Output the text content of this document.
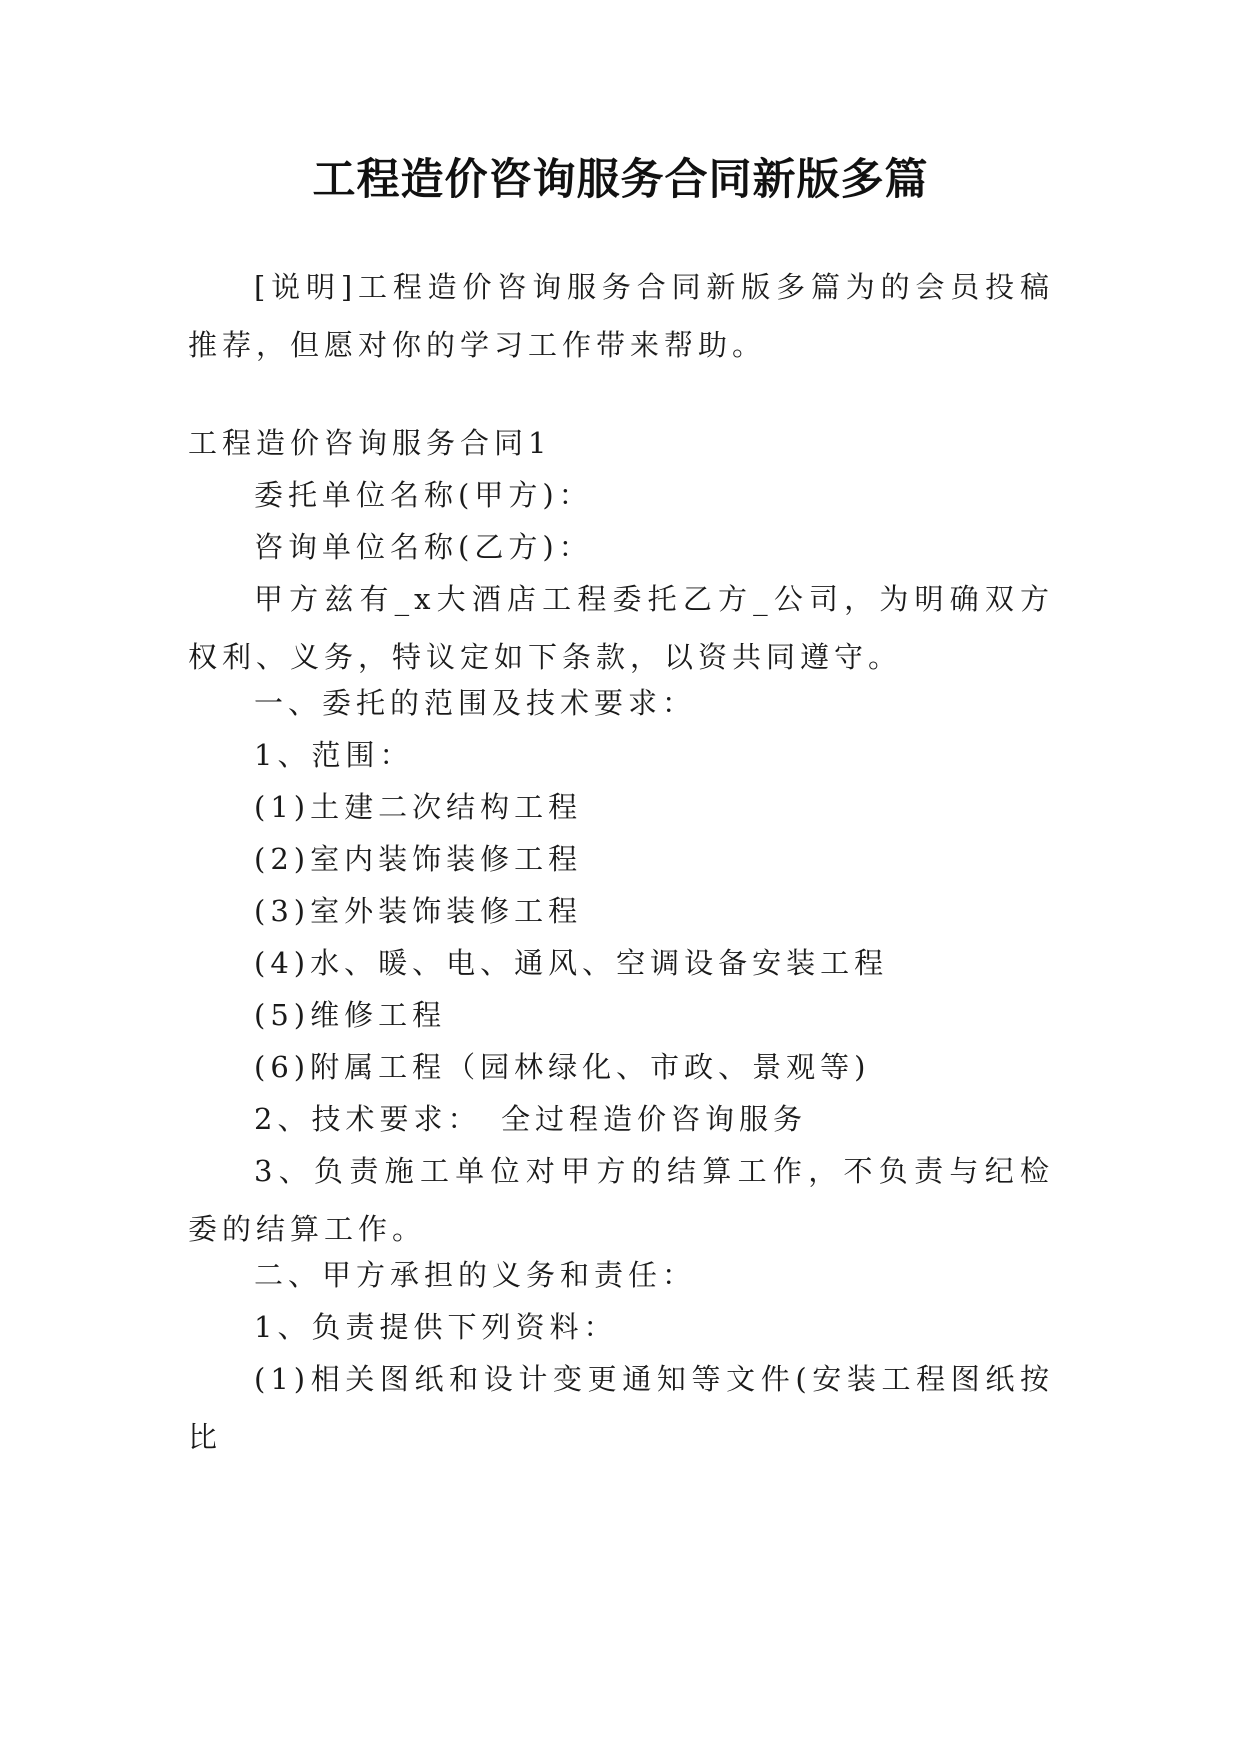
工程造价咨询服务合同新版多篇

[说明]工程造价咨询服务合同新版多篇为的会员投稿推荐，但愿对你的学习工作带来帮助。

工程造价咨询服务合同1

委托单位名称(甲方)：

咨询单位名称(乙方)：

甲方兹有_x大酒店工程委托乙方_公司，为明确双方权利、义务，特议定如下条款，以资共同遵守。

一、委托的范围及技术要求：

1、范围：

(1)土建二次结构工程

(2)室内装饰装修工程

(3)室外装饰装修工程

(4)水、暖、电、通风、空调设备安装工程

(5)维修工程

(6)附属工程（园林绿化、市政、景观等)

2、技术要求：　全过程造价咨询服务

3、负责施工单位对甲方的结算工作，不负责与纪检委的结算工作。

二、甲方承担的义务和责任：

1、负责提供下列资料：

(1)相关图纸和设计变更通知等文件(安装工程图纸按比
